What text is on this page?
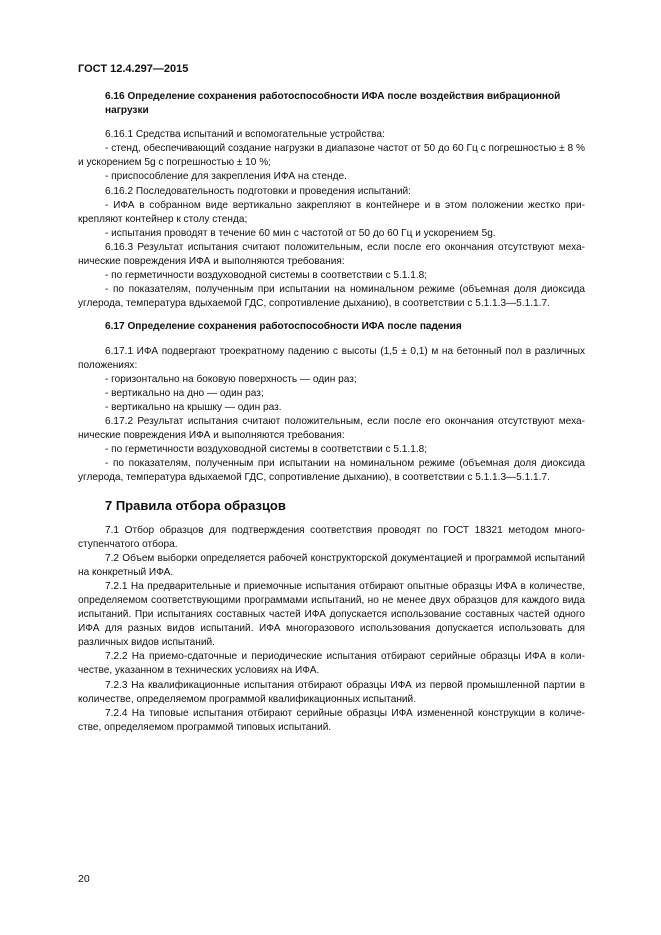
ГОСТ 12.4.297—2015
6.16 Определение сохранения работоспособности ИФА после воздействия вибрационной нагрузки

6.16.1 Средства испытаний и вспомогательные устройства:

- стенд, обеспечивающий создание нагрузки в диапазоне частот от 50 до 60 Гц с погрешностью ± 8 % и ускорением 5g с погрешностью ± 10 %;

- приспособление для закрепления ИФА на стенде.

6.16.2 Последовательность подготовки и проведения испытаний:

- ИФА в собранном виде вертикально закрепляют в контейнере и в этом положении жестко прикрепляют контейнер к столу стенда;

- испытания проводят в течение 60 мин с частотой от 50 до 60 Гц и ускорением 5g.

6.16.3 Результат испытания считают положительным, если после его окончания отсутствуют механические повреждения ИФА и выполняются требования:

- по герметичности воздуховодной системы в соответствии с 5.1.1.8;

- по показателям, полученным при испытании на номинальном режиме (объемная доля диоксида углерода, температура вдыхаемой ГДС, сопротивление дыханию), в соответствии с 5.1.1.3—5.1.1.7.

6.17 Определение сохранения работоспособности ИФА после падения

6.17.1 ИФА подвергают троекратному падению с высоты (1,5 ± 0,1) м на бетонный пол в различных положениях:

- горизонтально на боковую поверхность — один раз;

- вертикально на дно — один раз;

- вертикально на крышку — один раз.

6.17.2 Результат испытания считают положительным, если после его окончания отсутствуют механические повреждения ИФА и выполняются требования:

- по герметичности воздуховодной системы в соответствии с 5.1.1.8;

- по показателям, полученным при испытании на номинальном режиме (объемная доля диоксида углерода, температура вдыхаемой ГДС, сопротивление дыханию), в соответствии с 5.1.1.3—5.1.1.7.

7 Правила отбора образцов

7.1 Отбор образцов для подтверждения соответствия проводят по ГОСТ 18321 методом многоступенчатого отбора.

7.2 Объем выборки определяется рабочей конструкторской документацией и программой испытаний на конкретный ИФА.

7.2.1 На предварительные и приемочные испытания отбирают опытные образцы ИФА в количестве, определяемом соответствующими программами испытаний, но не менее двух образцов для каждого вида испытаний. При испытаниях составных частей ИФА допускается использование составных частей одного ИФА для разных видов испытаний. ИФА многоразового использования допускается использовать для различных видов испытаний.

7.2.2 На приемо-сдаточные и периодические испытания отбирают серийные образцы ИФА в количестве, указанном в технических условиях на ИФА.

7.2.3 На квалификационные испытания отбирают образцы ИФА из первой промышленной партии в количестве, определяемом программой квалификационных испытаний.

7.2.4 На типовые испытания отбирают серийные образцы ИФА измененной конструкции в количестве, определяемом программой типовых испытаний.

20
